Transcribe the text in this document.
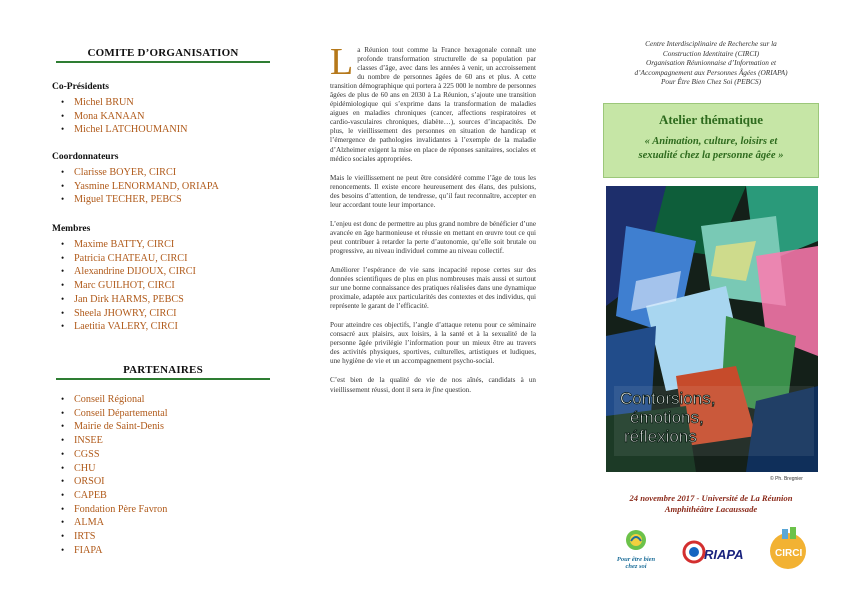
COMITE D’ORGANISATION
Co-Présidents
• Michel BRUN
• Mona KANAAN
• Michel LATCHOUMANIN
Coordonnateurs
• Clarisse BOYER, CIRCI
• Yasmine LENORMAND, ORIAPA
• Miguel TECHER, PEBCS
Membres
• Maxime BATTY, CIRCI
• Patricia CHATEAU, CIRCI
• Alexandrine DIJOUX, CIRCI
• Marc GUILHOT, CIRCI
• Jan Dirk HARMS, PEBCS
• Sheela JHOWRY, CIRCI
• Laetitia VALERY, CIRCI
PARTENAIRES
• Conseil Régional
• Conseil Départemental
• Mairie de Saint-Denis
• INSEE
• CGSS
• CHU
• ORSOI
• CAPEB
• Fondation Père Favron
• ALMA
• IRTS
• FIAPA

La Réunion tout comme la France hexagonale connaît une profonde transformation structurelle de sa population par classes d’âge, avec dans les années à venir, un accroissement du nombre de personnes âgées de 60 ans et plus. A cette transition démographique qui portera à 225 000 le nombre de personnes âgées de plus de 60 ans en 2030 à La Réunion, s’ajoute une transition épidémiologique qui s’exprime dans la transformation de maladies aigues en maladies chroniques (cancer, affections respiratoires et cardio-vasculaires chroniques, diabète…), sources d’incapacités. De plus, le vieillissement des personnes en situation de handicap et l’émergence de pathologies invalidantes à l’exemple de la maladie d’Alzheimer exigent la mise en place de réponses sanitaires, sociales et médico sociales appropriées.

Mais le vieillissement ne peut être considéré comme l’âge de tous les renoncements. Il existe encore heureusement des élans, des pulsions, des besoins d’attention, de tendresse, qu’il faut reconnaître, accepter en leur accordant toute leur importance.

L’enjeu est donc de permettre au plus grand nombre de bénéficier d’une avancée en âge harmonieuse et réussie en mettant en œuvre tout ce qui peut contribuer à retarder la perte d’autonomie, qu’elle soit brutale ou progressive, au niveau individuel comme au niveau collectif.

Améliorer l’espérance de vie sans incapacité repose certes sur des données scientifiques de plus en plus nombreuses mais aussi et surtout sur une bonne connaissance des pratiques réalisées dans une dynamique proximale, adaptée aux particularités des contextes et des individus, qui représente le garant de l’efficacité.

Pour atteindre ces objectifs, l’angle d’attaque retenu pour ce séminaire consacré aux plaisirs, aux loisirs, à la santé et à la sexualité de la personne âgée privilégie l’information pour un mieux être au travers des activités physiques, sportives, culturelles, artistiques et ludiques, une hygiène de vie et un accompagnement psycho-social.

C’est bien de la qualité de vie de nos aînés, candidats à un vieillissement réussi, dont il sera in fine question.

Centre Interdisciplinaire de Recherche sur la
Construction Identitaire (CIRCI)
Organisation Réunionnaise d’Information et
d’Accompagnement aux Personnes Âgées (ORIAPA)
Pour Être Bien Chez Soi (PEBCS)
Atelier thématique
« Animation, culture, loisirs et
sexualité chez la personne âgée »
Contorsions,
émotions,
réflexions
© Ph. Bregnier
24 novembre 2017 - Université de La Réunion
Amphithéâtre Lacaussade
Pour être bien
chez soi
RIAPA	CIRCI
